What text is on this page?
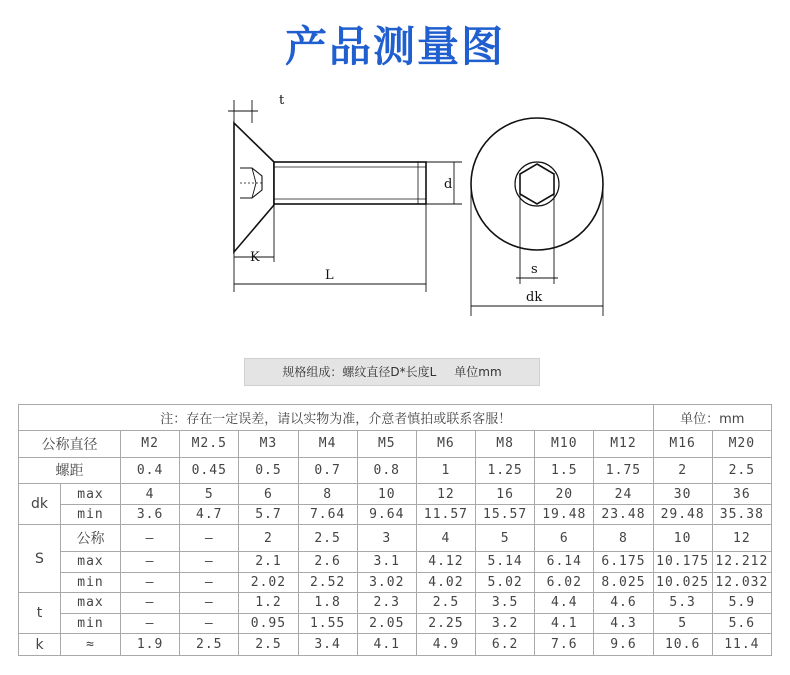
产品测量图
t
d
K
L	s
dk
规格组成：螺纹直径D*长度L 单位mm
注：存在一定误差，请以实物为准，介意者慎拍或联系客服！											单位：mm	
公称直径		M2	M2.5	M3	M4	M5	M6	M8	M10	M12	M16	M20
螺距		0.4	0.45	0.5	0.7	0.8	1	1.25	1.5	1.75	2	2.5
dk	max	4	5	6	8	10	12	16	20	24	30	36
	min	3.6	4.7	5.7	7.64	9.64	11.57	15.57	19.48	23.48	29.48	35.38
S	公称	–	–	2	2.5	3	4	5	6	8	10	12
	max	–	–	2.1	2.6	3.1	4.12	5.14	6.14	6.175	10.175	12.212
	min	–	–	2.02	2.52	3.02	4.02	5.02	6.02	8.025	10.025	12.032
t	max	–	–	1.2	1.8	2.3	2.5	3.5	4.4	4.6	5.3	5.9
	min	–	–	0.95	1.55	2.05	2.25	3.2	4.1	4.3	5	5.6
k	≈	1.9	2.5	2.5	3.4	4.1	4.9	6.2	7.6	9.6	10.6	11.4
